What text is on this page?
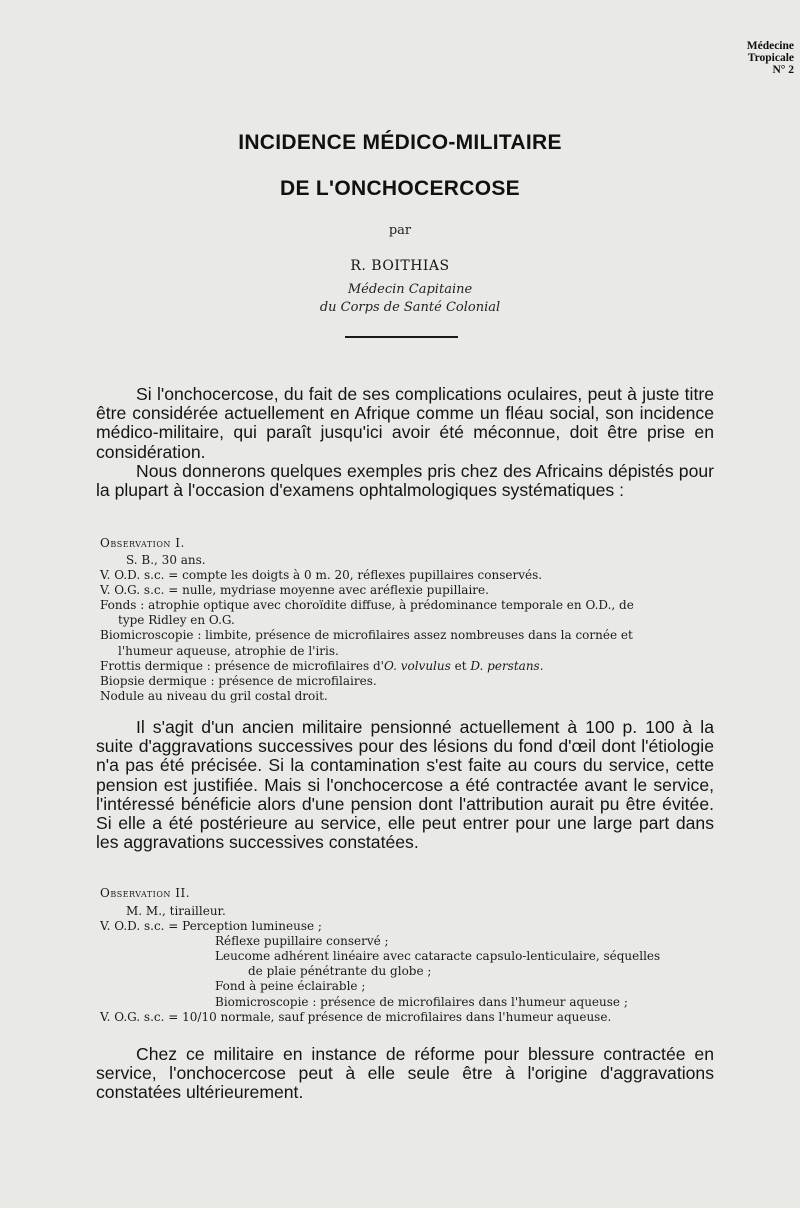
Médecine
Tropicale
N° 2
INCIDENCE MÉDICO-MILITAIRE
DE L'ONCHOCERCOSE
par
R. BOITHIAS
Médecin Capitaine
du Corps de Santé Colonial

Si l'onchocercose, du fait de ses complications oculaires, peut à juste titre être considérée actuellement en Afrique comme un fléau social, son incidence médico-militaire, qui paraît jusqu'ici avoir été méconnue, doit être prise en considération.

Nous donnerons quelques exemples pris chez des Africains dépistés pour la plupart à l'occasion d'examens ophtalmologiques systématiques :

Observation I.
S. B., 30 ans.
V. O.D. s.c. = compte les doigts à 0 m. 20, réflexes pupillaires conservés.
V. O.G. s.c. = nulle, mydriase moyenne avec aréflexie pupillaire.
Fonds : atrophie optique avec choroïdite diffuse, à prédominance temporale en O.D., de
type Ridley en O.G.
Biomicroscopie : limbite, présence de microfilaires assez nombreuses dans la cornée et
l'humeur aqueuse, atrophie de l'iris.
Frottis dermique : présence de microfilaires d'O. volvulus et D. perstans.
Biopsie dermique : présence de microfilaires.
Nodule au niveau du gril costal droit.

Il s'agit d'un ancien militaire pensionné actuellement à 100 p. 100 à la suite d'aggravations successives pour des lésions du fond d'œil dont l'étiologie n'a pas été précisée. Si la contamination s'est faite au cours du service, cette pension est justifiée. Mais si l'onchocercose a été contractée avant le service, l'intéressé bénéficie alors d'une pension dont l'attribution aurait pu être évitée. Si elle a été postérieure au service, elle peut entrer pour une large part dans les aggravations successives constatées.

Observation II.
M. M., tirailleur.
V. O.D. s.c. = Perception lumineuse ;
Réflexe pupillaire conservé ;
Leucome adhérent linéaire avec cataracte capsulo-lenticulaire, séquelles
de plaie pénétrante du globe ;
Fond à peine éclairable ;
Biomicroscopie : présence de microfilaires dans l'humeur aqueuse ;
V. O.G. s.c. = 10/10 normale, sauf présence de microfilaires dans l'humeur aqueuse.

Chez ce militaire en instance de réforme pour blessure contractée en service, l'onchocercose peut à elle seule être à l'origine d'aggravations constatées ultérieurement.
